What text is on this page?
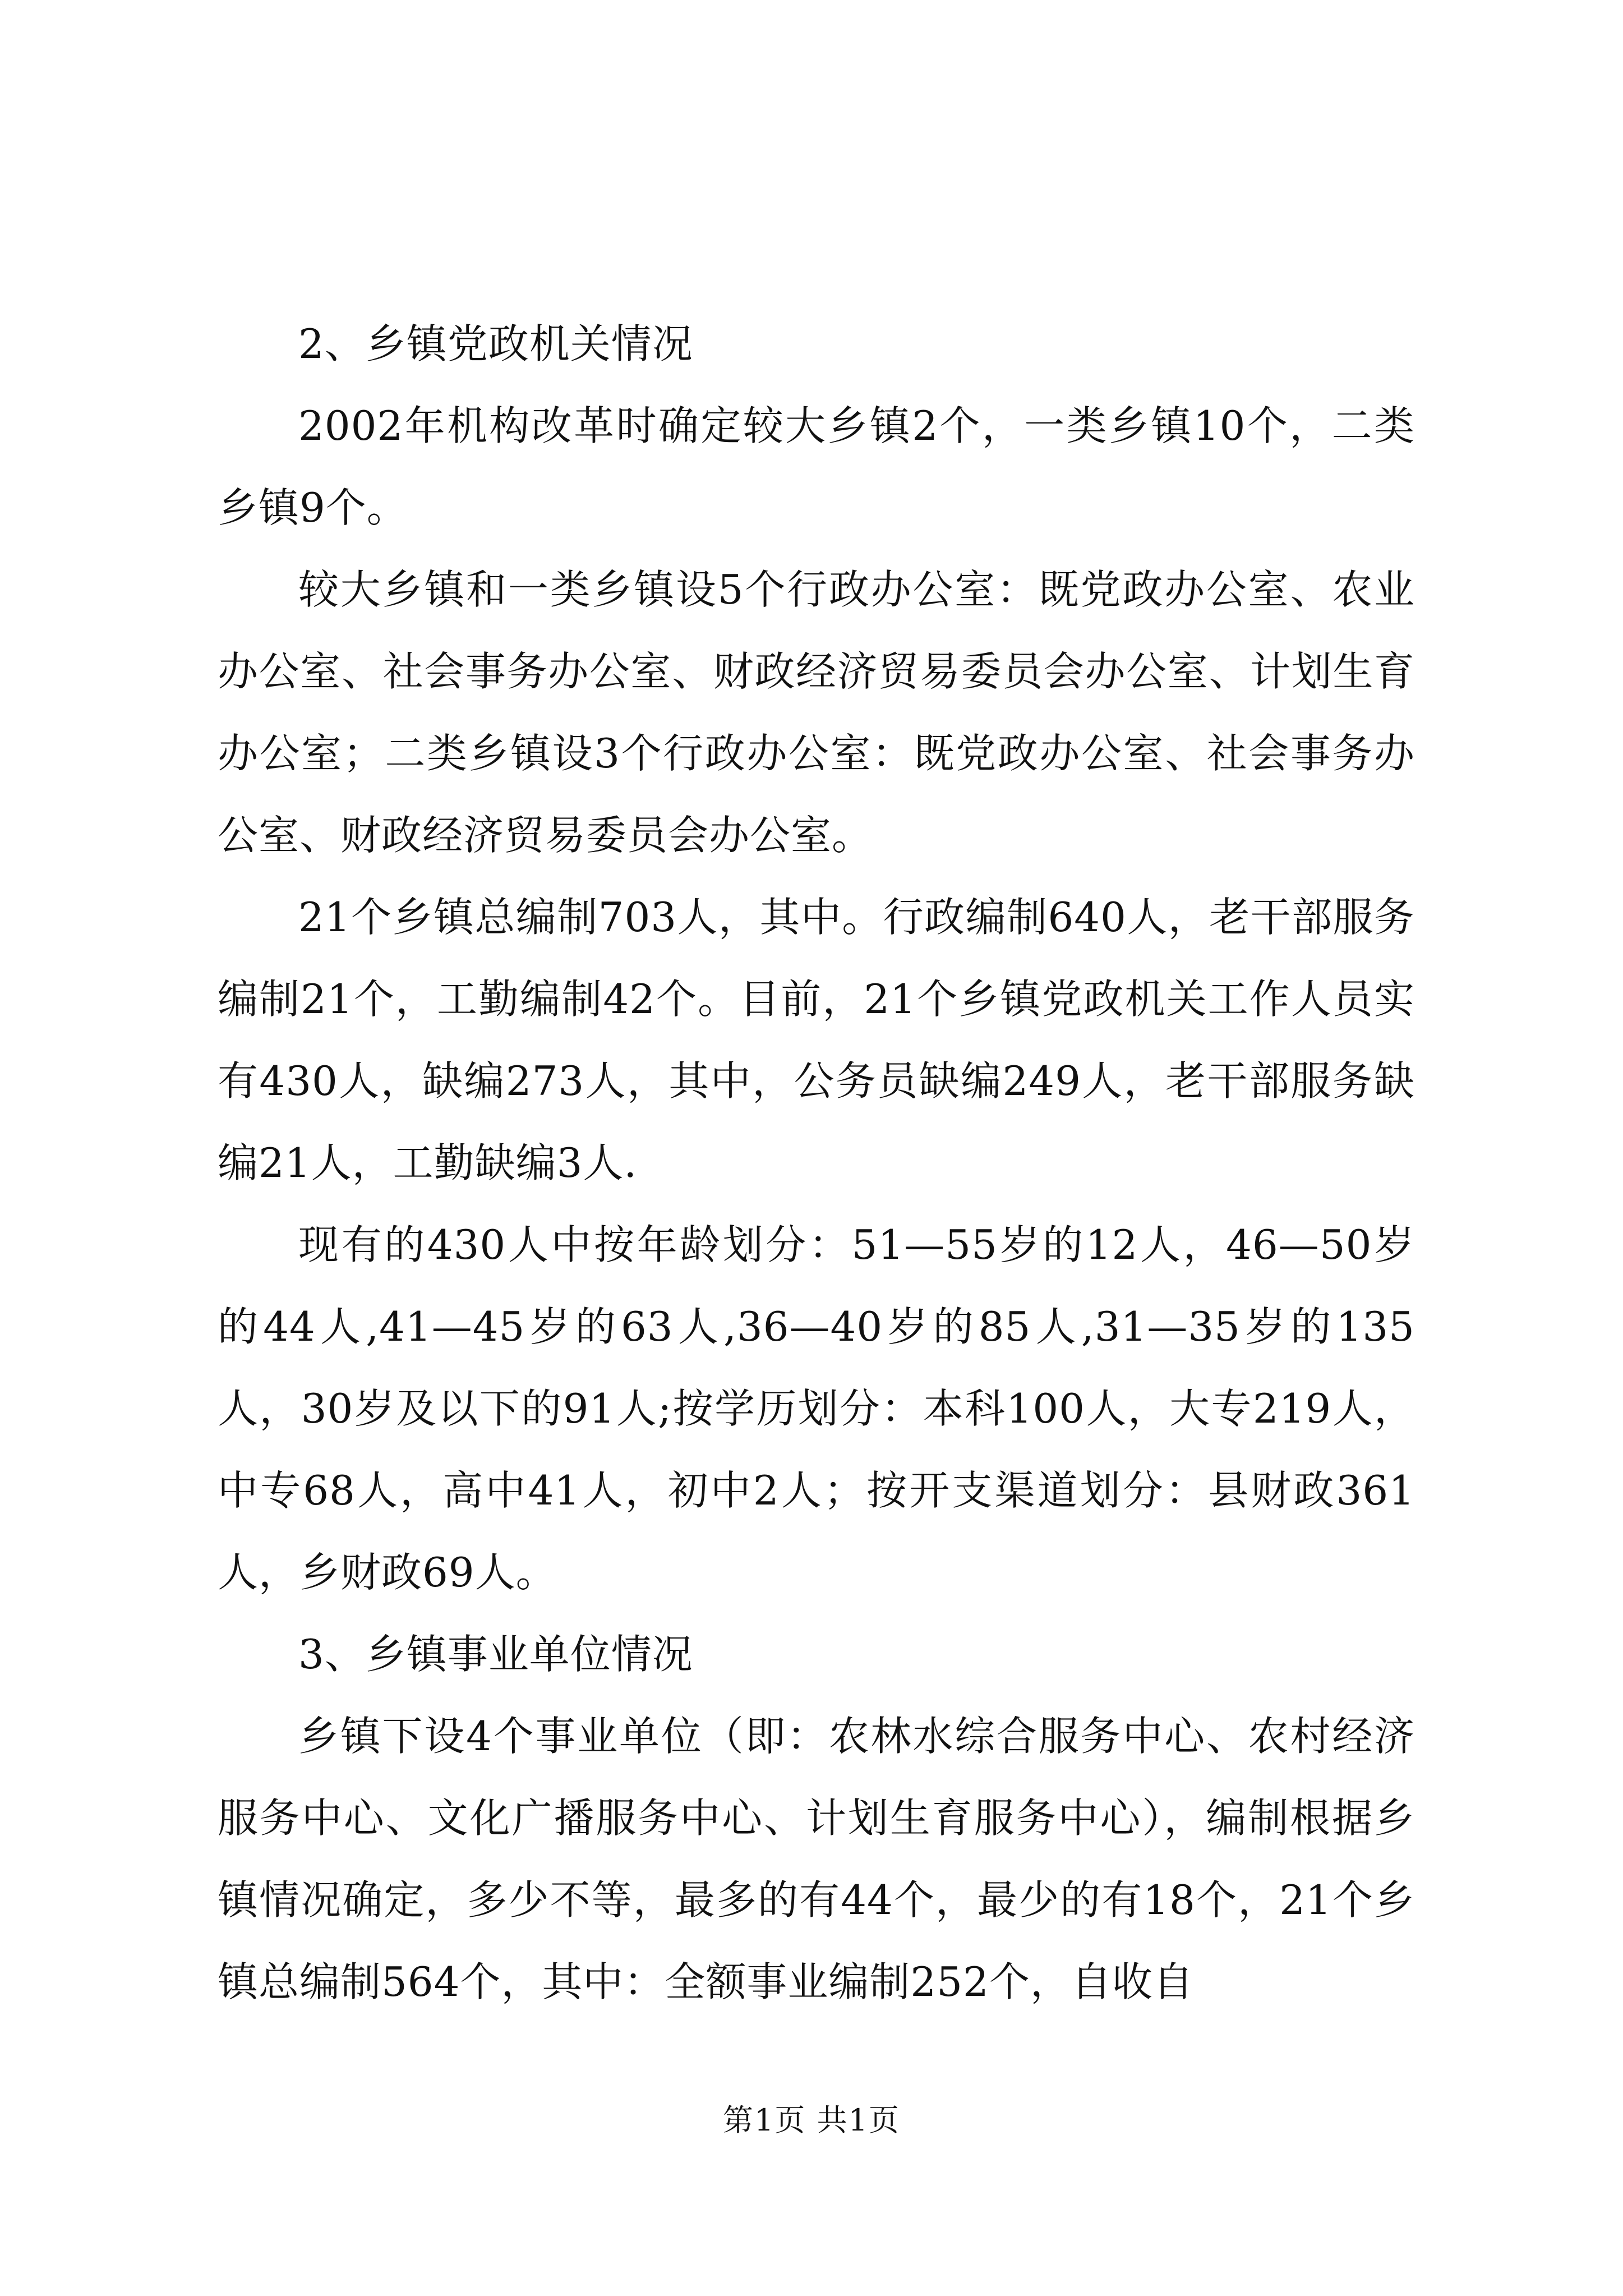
2、乡镇党政机关情况

2002年机构改革时确定较大乡镇2个，一类乡镇10个，二类乡镇9个。

较大乡镇和一类乡镇设5个行政办公室：既党政办公室、农业办公室、社会事务办公室、财政经济贸易委员会办公室、计划生育办公室；二类乡镇设3个行政办公室：既党政办公室、社会事务办公室、财政经济贸易委员会办公室。

21个乡镇总编制703人，其中。行政编制640人，老干部服务编制21个，工勤编制42个。目前，21个乡镇党政机关工作人员实有430人，缺编273人，其中，公务员缺编249人，老干部服务缺编21人，工勤缺编3人.

现有的430人中按年龄划分：51—55岁的12人，46—50岁的44人,41—45岁的63人,36—40岁的85人,31—35岁的135人，30岁及以下的91人;按学历划分：本科100人，大专219人，中专68人，高中41人，初中2人；按开支渠道划分：县财政361人，乡财政69人。

3、乡镇事业单位情况

乡镇下设4个事业单位（即：农林水综合服务中心、农村经济服务中心、文化广播服务中心、计划生育服务中心），编制根据乡镇情况确定，多少不等，最多的有44个，最少的有18个，21个乡镇总编制564个，其中：全额事业编制252个，自收自

第1页 共1页
